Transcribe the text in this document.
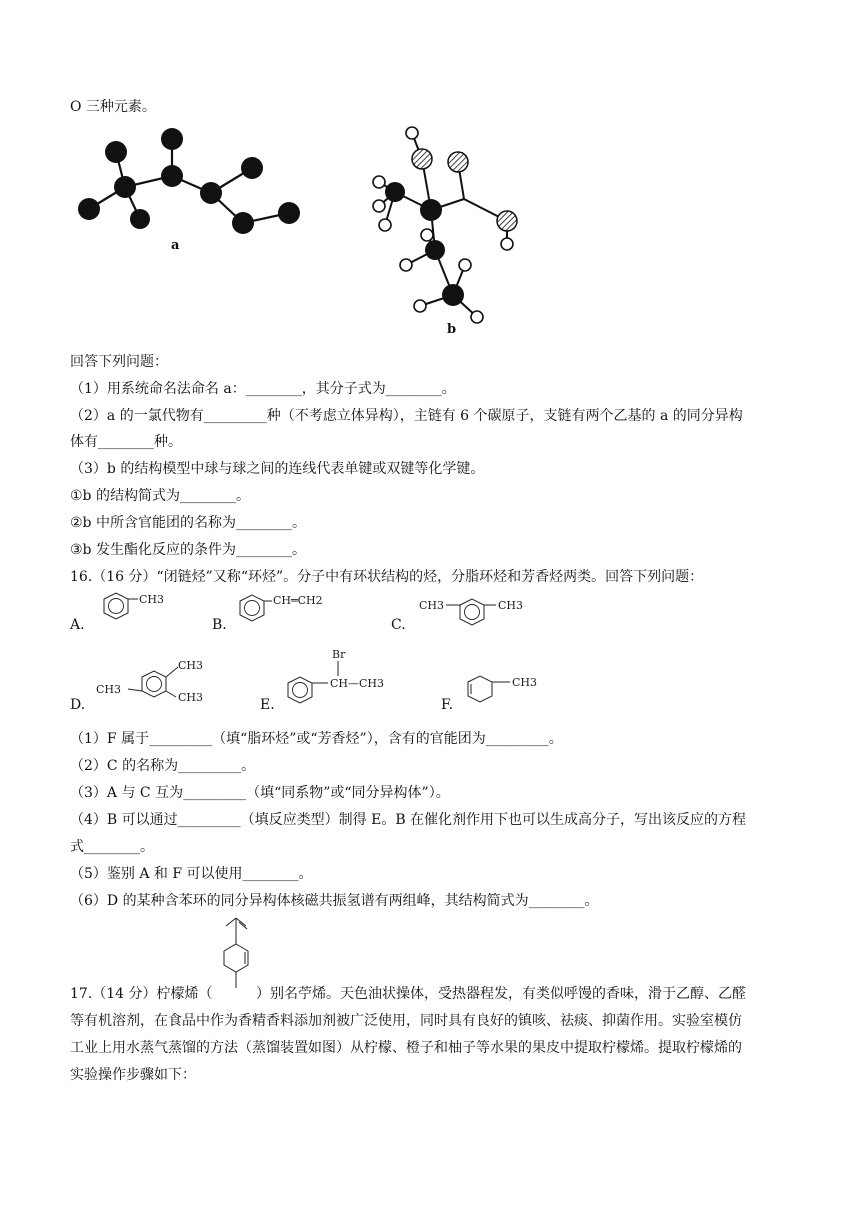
O 三种元素。
a
b
回答下列问题：
（1）用系统命名法命名 a：________，其分子式为________。
（2）a 的一氯代物有_________种（不考虑立体异构），主链有 6 个碳原子，支链有两个乙基的 a 的同分异构
体有________种。
（3）b 的结构模型中球与球之间的连线代表单键或双键等化学键。
①b 的结构简式为________。
②b 中所含官能团的名称为________。
③b 发生酯化反应的条件为________。
16.（16 分）“闭链烃”又称“环烃”。分子中有环状结构的烃，分脂环烃和芳香烃两类。回答下列问题：
A.
CH3
B.
CH═CH2
C.
CH3	CH3
D.
CH3
CH3
CH3	E.
Br
CH—CH3
F.
CH3
（1）F 属于_________（填“脂环烃”或“芳香烃”），含有的官能团为_________。
（2）C 的名称为_________。
（3）A 与 C 互为_________（填“同系物”或“同分异构体”）。
（4）B 可以通过_________（填反应类型）制得 E。B 在催化剂作用下也可以生成高分子，写出该反应的方程
式________。
（5）鉴别 A 和 F 可以使用________。
（6）D 的某种含苯环的同分异构体核磁共振氢谱有两组峰，其结构简式为________。
17.（14 分）柠檬烯（	）别名苧烯。天色油状操体，受热器程发，有类似呼馒的香味，滑于乙醇、乙醛
等有机溶剂，在食品中作为香精香料添加剂被广泛使用，同时具有良好的镇咳、祛痰、抑菌作用。实验室模仿
工业上用水蒸气蒸馏的方法（蒸馏装置如图）从柠檬、橙子和柚子等水果的果皮中提取柠檬烯。提取柠檬烯的
实验操作步骤如下：
